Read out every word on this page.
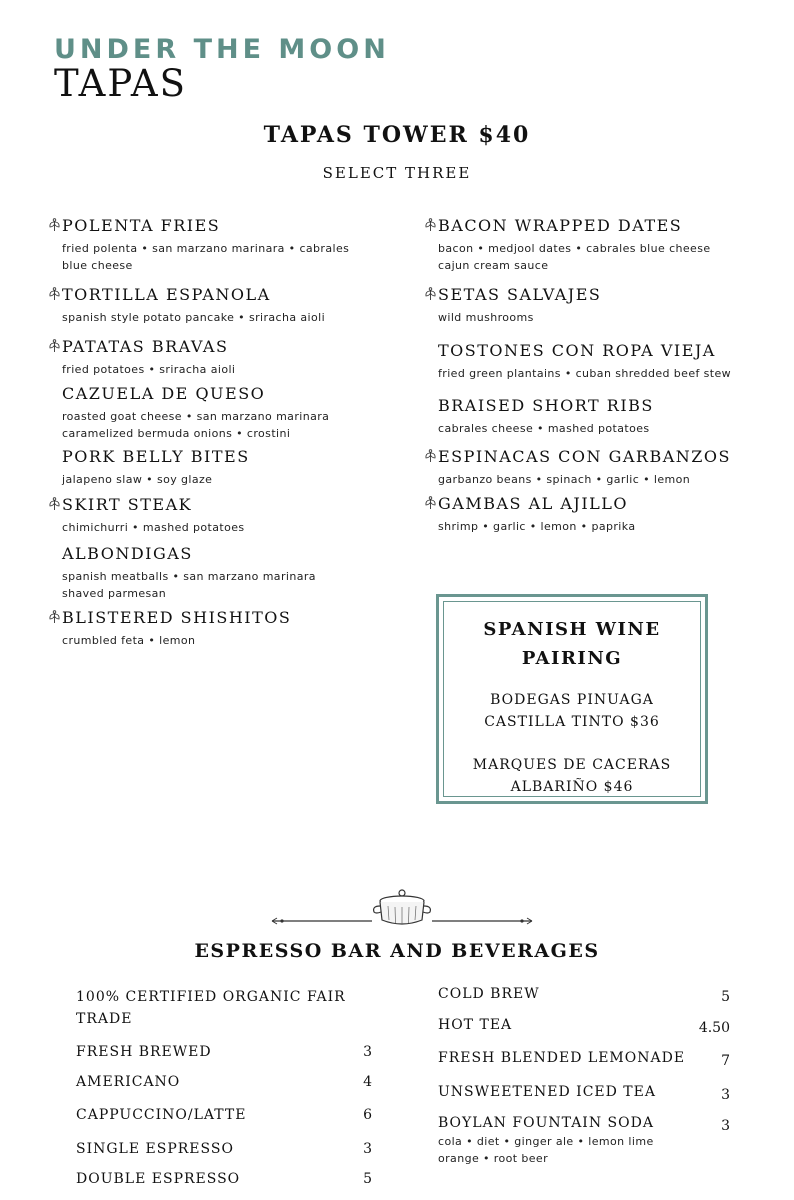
UNDER THE MOON
TAPAS
TAPAS TOWER $40
SELECT THREE
POLENTA FRIES
fried polenta • san marzano marinara • cabrales
blue cheese
TORTILLA ESPANOLA
spanish style potato pancake • sriracha aioli
PATATAS BRAVAS
fried potatoes • sriracha aioli
CAZUELA DE QUESO
roasted goat cheese • san marzano marinara
caramelized bermuda onions • crostini
PORK BELLY BITES
jalapeno slaw • soy glaze
SKIRT STEAK
chimichurri • mashed potatoes
ALBONDIGAS
spanish meatballs • san marzano marinara
shaved parmesan
BLISTERED SHISHITOS
crumbled feta • lemon
BACON WRAPPED DATES
bacon • medjool dates • cabrales blue cheese
cajun cream sauce
SETAS SALVAJES
wild mushrooms
TOSTONES CON ROPA VIEJA
fried green plantains • cuban shredded beef stew
BRAISED SHORT RIBS
cabrales cheese • mashed potatoes
ESPINACAS CON GARBANZOS
garbanzo beans • spinach • garlic • lemon
GAMBAS AL AJILLO
shrimp • garlic • lemon • paprika
SPANISH WINE
PAIRING
BODEGAS PINUAGA
CASTILLA TINTO $36
MARQUES DE CACERAS
ALBARIÑO $46
ESPRESSO BAR AND BEVERAGES
100% CERTIFIED ORGANIC FAIR
TRADE
FRESH BREWED	3
AMERICANO	4
CAPPUCCINO/LATTE	6
SINGLE ESPRESSO	3
DOUBLE ESPRESSO	5
COLD BREW	5
HOT TEA	4.50
FRESH BLENDED LEMONADE	7
UNSWEETENED ICED TEA	3
BOYLAN FOUNTAIN SODA	3
cola • diet • ginger ale • lemon lime
orange • root beer
